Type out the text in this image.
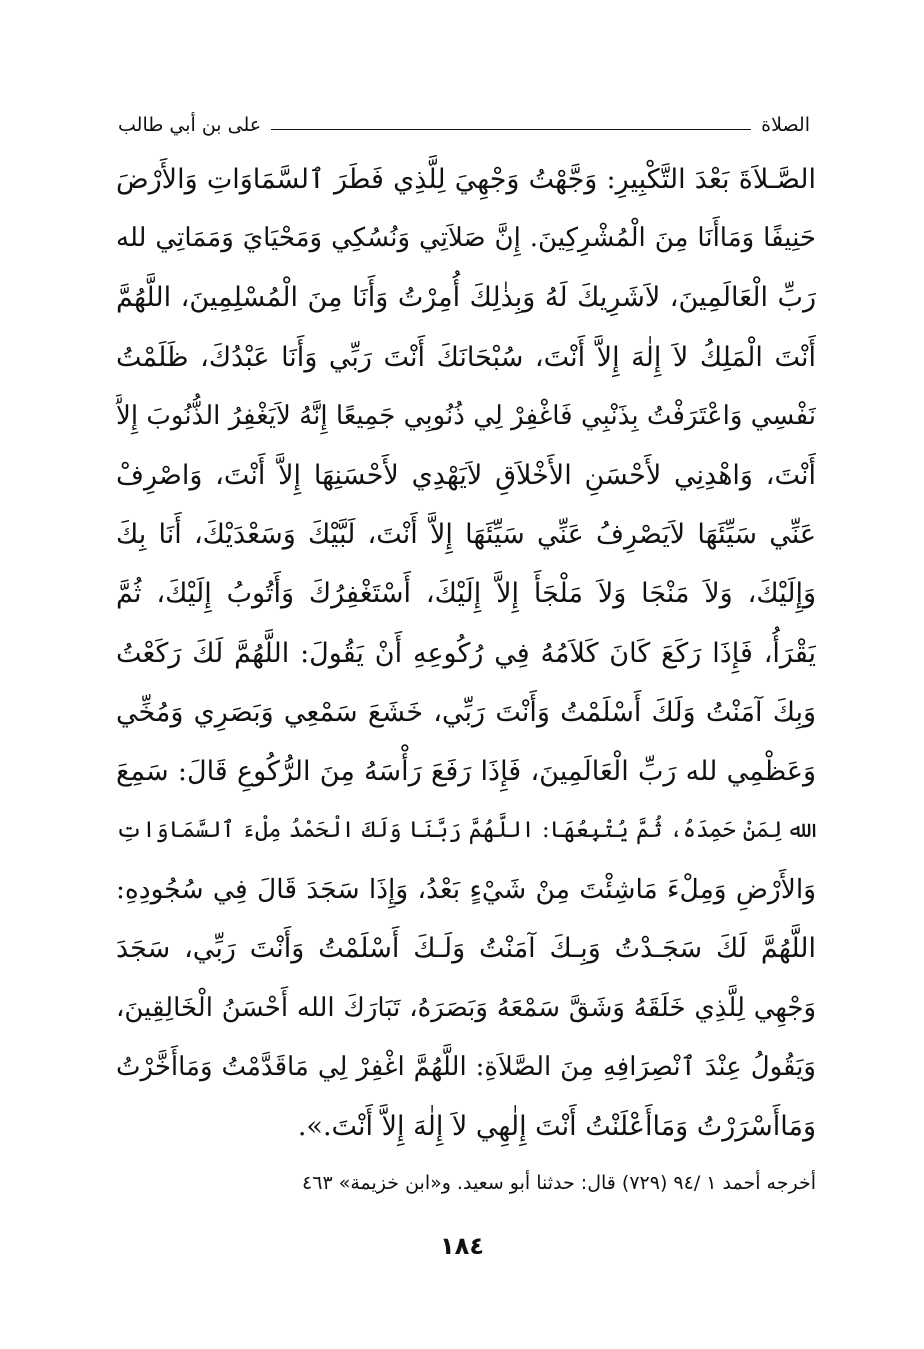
الصلاة
على بن أبي طالب
الصَّـلاَةَ بَعْدَ التَّكْبِيرِ: وَجَّهْتُ وَجْهِيَ لِلَّذِي فَطَرَ ٱلسَّمَاوَاتِ وَالأَرْضَ
حَنِيفًا وَمَاأَنَا مِنَ الْمُشْرِكِينَ. إِنَّ صَلاَتِي وَنُسُكِي وَمَحْيَايَ وَمَمَاتِي لله
رَبِّ الْعَالَمِينَ، لاَشَرِيكَ لَهُ وَبِذٰلِكَ أُمِرْتُ وَأَنَا مِنَ الْمُسْلِمِينَ، اللَّهُمَّ
أَنْتَ الْمَلِكُ لاَ إِلٰهَ إِلاَّ أَنْتَ، سُبْحَانَكَ أَنْتَ رَبِّي وَأَنَا عَبْدُكَ، ظَلَمْتُ
نَفْسِي وَاعْتَرَفْتُ بِذَنْبِي فَاغْفِرْ لِي ذُنُوبِي جَمِيعًا إِنَّهُ لاَيَغْفِرُ الذُّنُوبَ إِلاَّ
أَنْتَ، وَاهْدِنِي لأَحْسَنِ الأَخْلاَقِ لاَيَهْدِي لأَحْسَنِهَا إِلاَّ أَنْتَ، وَاصْرِفْ
عَنِّي سَيِّئَهَا لاَيَصْرِفُ عَنِّي سَيِّئَهَا إِلاَّ أَنْتَ، لَبَّيْكَ وَسَعْدَيْكَ، أَنَا بِكَ
وَإِلَيْكَ، وَلاَ مَنْجَا وَلاَ مَلْجَأَ إِلاَّ إِلَيْكَ، أَسْتَغْفِرُكَ وَأَتُوبُ إِلَيْكَ، ثُمَّ
يَقْرَأُ، فَإِذَا رَكَعَ كَانَ كَلاَمُهُ فِي رُكُوعِهِ أَنْ يَقُولَ: اللَّهُمَّ لَكَ رَكَعْتُ
وَبِكَ آمَنْتُ وَلَكَ أَسْلَمْتُ وَأَنْتَ رَبِّي، خَشَعَ سَمْعِي وَبَصَرِي وَمُخِّي
وَعَظْمِي لله رَبِّ الْعَالَمِينَ، فَإِذَا رَفَعَ رَأْسَهُ مِنَ الرُّكُوعِ قَالَ: سَمِعَ
الله لِمَنْ حَمِدَهُ، ثُمَّ يُتْبِعُهَا: اللَّهُمَّ رَبَّنَا وَلَكَ الْحَمْدُ مِلْءَ ٱلسَّمَاوَاتِ
وَالأَرْضِ وَمِلْءَ مَاشِئْتَ مِنْ شَيْءٍ بَعْدُ، وَإِذَا سَجَدَ قَالَ فِي سُجُودِهِ:
اللَّهُمَّ لَكَ سَجَـدْتُ وَبِـكَ آمَنْتُ وَلَـكَ أَسْلَمْتُ وَأَنْتَ رَبِّي، سَجَدَ
وَجْهِي لِلَّذِي خَلَقَهُ وَشَقَّ سَمْعَهُ وَبَصَرَهُ، تَبَارَكَ الله أَحْسَنُ الْخَالِقِينَ،
وَيَقُولُ عِنْدَ ٱنْصِرَافِهِ مِنَ الصَّلاَةِ: اللَّهُمَّ اغْفِرْ لِي مَاقَدَّمْتُ وَمَاأَخَّرْتُ
وَمَاأَسْرَرْتُ وَمَاأَعْلَنْتُ أَنْتَ إِلٰهِي لاَ إِلٰهَ إِلاَّ أَنْتَ.».
أخرجه أحمد ١ /٩٤ (٧٢٩) قال: حدثنا أبو سعيد. و«ابن خزيمة» ٤٦٣
١٨٤
